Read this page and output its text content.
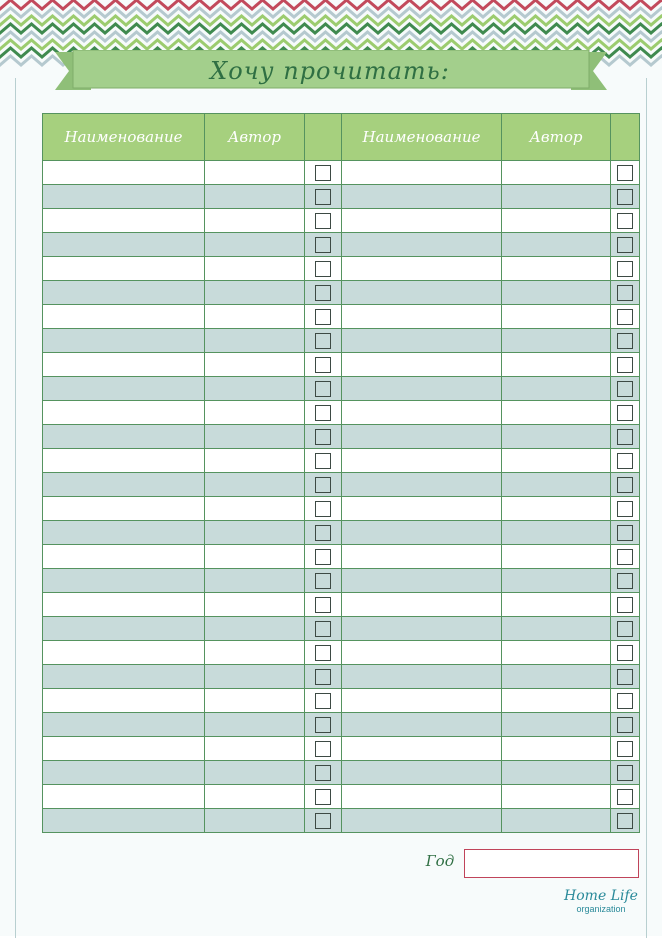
Хочу прочитать:
Наименование	Автор		Наименование	Автор	

Год
Home Life
organization
